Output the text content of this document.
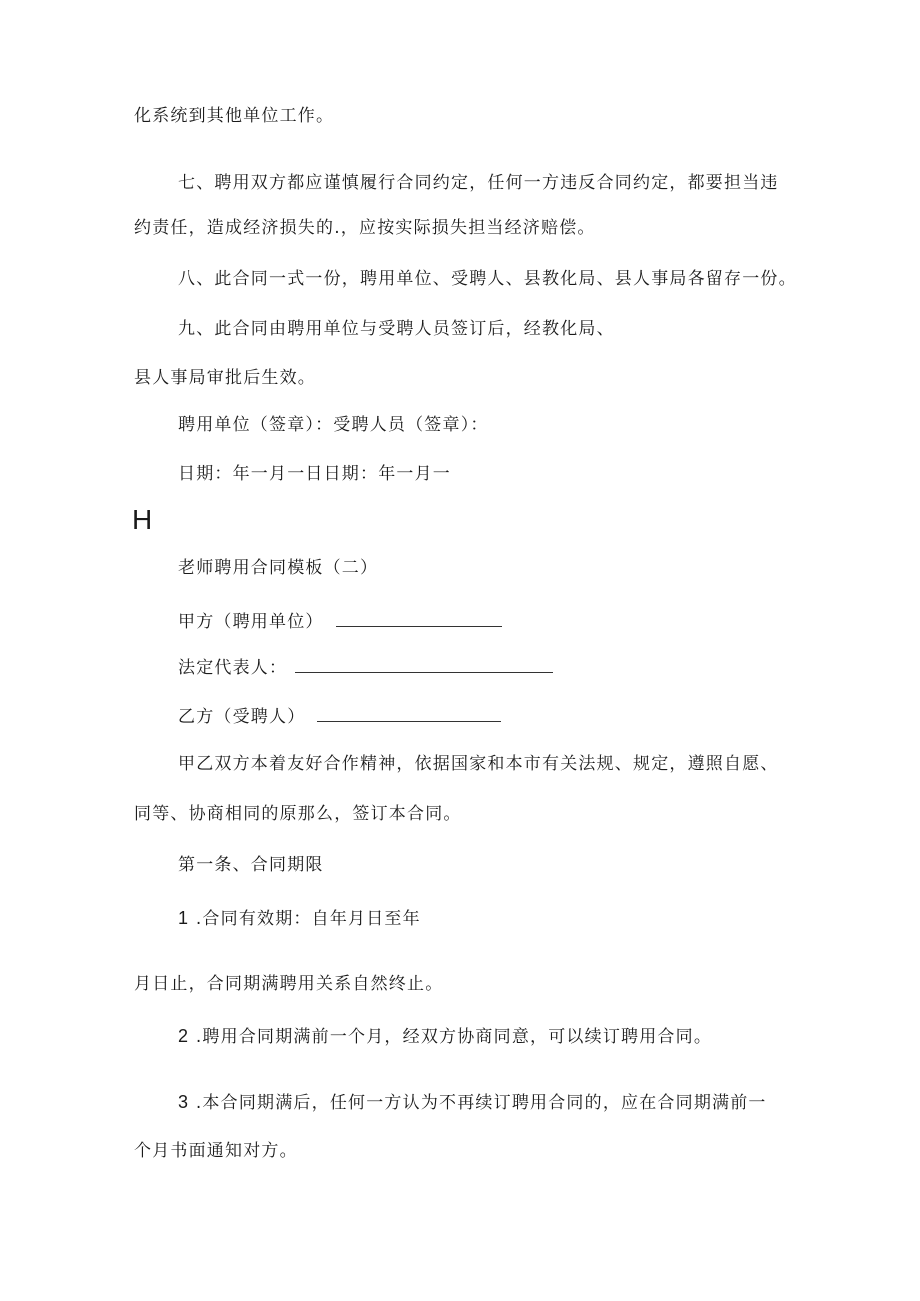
化系统到其他单位工作。
七、聘用双方都应谨慎履行合同约定，任何一方违反合同约定，都要担当违
约责任，造成经济损失的.，应按实际损失担当经济赔偿。
八、此合同一式一份，聘用单位、受聘人、县教化局、县人事局各留存一份。
九、此合同由聘用单位与受聘人员签订后，经教化局、
县人事局审批后生效。
聘用单位（签章）：受聘人员（签章）：
日期：年一月一日日期：年一月一
H
老师聘用合同模板（二）
甲方（聘用单位）
法定代表人：
乙方（受聘人）
甲乙双方本着友好合作精神，依据国家和本市有关法规、规定，遵照自愿、
同等、协商相同的原那么，签订本合同。
第一条、合同期限
1 .合同有效期：自年月日至年
月日止，合同期满聘用关系自然终止。
2 .聘用合同期满前一个月，经双方协商同意，可以续订聘用合同。
3 .本合同期满后，任何一方认为不再续订聘用合同的，应在合同期满前一
个月书面通知对方。
